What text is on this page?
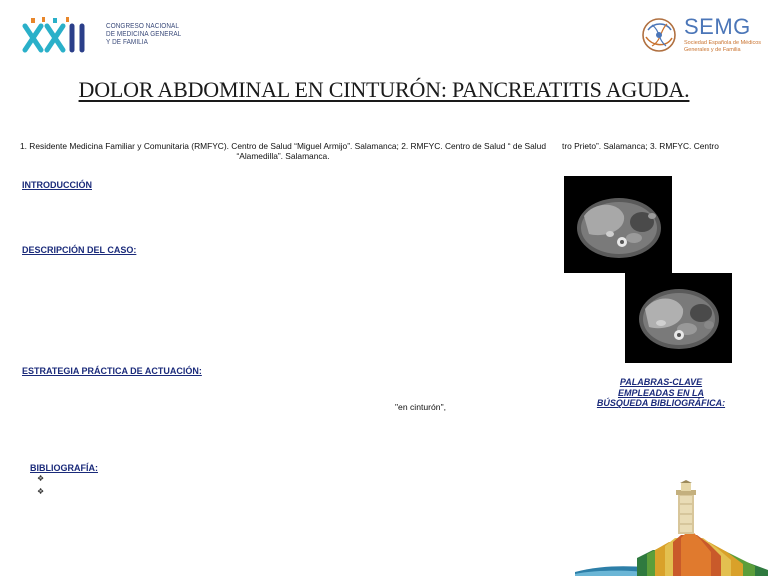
CONGRESO NACIONAL
DE MEDICINA GENERAL
Y DE FAMILIA
SEMG
Sociedad Española de Médicos
Generales y de Familia
DOLOR ABDOMINAL EN CINTURÓN: PANCREATITIS AGUDA.
1. Residente Medicina Familiar y Comunitaria (RMFYC). Centro de Salud “Miguel Armijo”. Salamanca; 2. RMFYC. Centro de Salud “ de Salud “Alamedilla”. Salamanca.
tro Prieto”. Salamanca; 3. RMFYC. Centro
INTRODUCCIÓN
DESCRIPCIÓN DEL CASO:
ESTRATEGIA PRÁCTICA DE ACTUACIÓN:
BIBLIOGRAFÍA:
PALABRAS-CLAVE
EMPLEADAS EN LA
BÚSQUEDA BIBLIOGRÁFICA:
"en cinturón",
❖
❖
